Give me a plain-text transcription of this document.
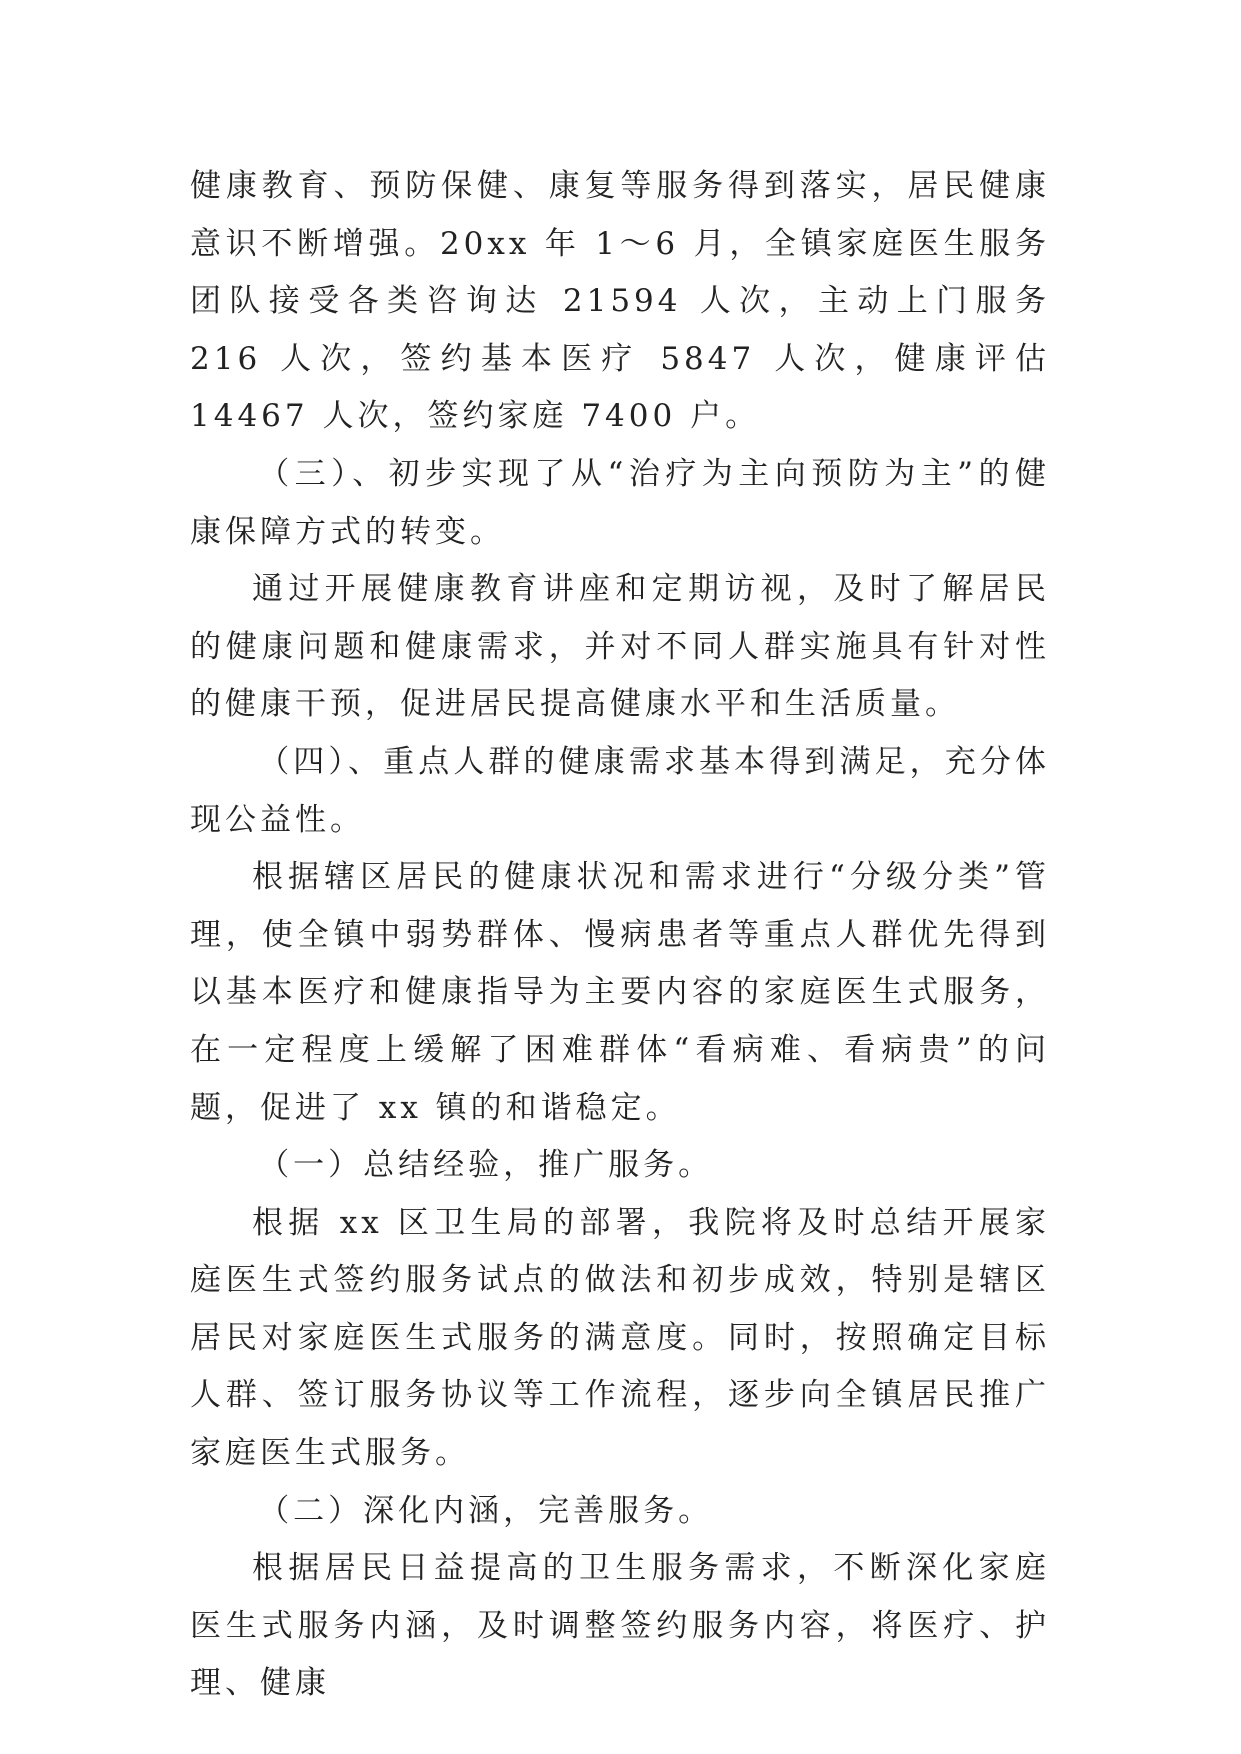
健康教育、预防保健、康复等服务得到落实，居民健康意识不断增强。20xx 年 1～6 月，全镇家庭医生服务团队接受各类咨询达 21594 人次，主动上门服务 216 人次，签约基本医疗 5847 人次，健康评估 14467 人次，签约家庭 7400 户。

（三）、初步实现了从“治疗为主向预防为主”的健康保障方式的转变。

通过开展健康教育讲座和定期访视，及时了解居民的健康问题和健康需求，并对不同人群实施具有针对性的健康干预，促进居民提高健康水平和生活质量。

（四）、重点人群的健康需求基本得到满足，充分体现公益性。

根据辖区居民的健康状况和需求进行“分级分类”管理，使全镇中弱势群体、慢病患者等重点人群优先得到以基本医疗和健康指导为主要内容的家庭医生式服务，在一定程度上缓解了困难群体“看病难、看病贵”的问题，促进了 xx 镇的和谐稳定。

（一）总结经验，推广服务。

根据 xx 区卫生局的部署，我院将及时总结开展家庭医生式签约服务试点的做法和初步成效，特别是辖区居民对家庭医生式服务的满意度。同时，按照确定目标人群、签订服务协议等工作流程，逐步向全镇居民推广家庭医生式服务。

（二）深化内涵，完善服务。

根据居民日益提高的卫生服务需求，不断深化家庭医生式服务内涵，及时调整签约服务内容，将医疗、护理、健康
